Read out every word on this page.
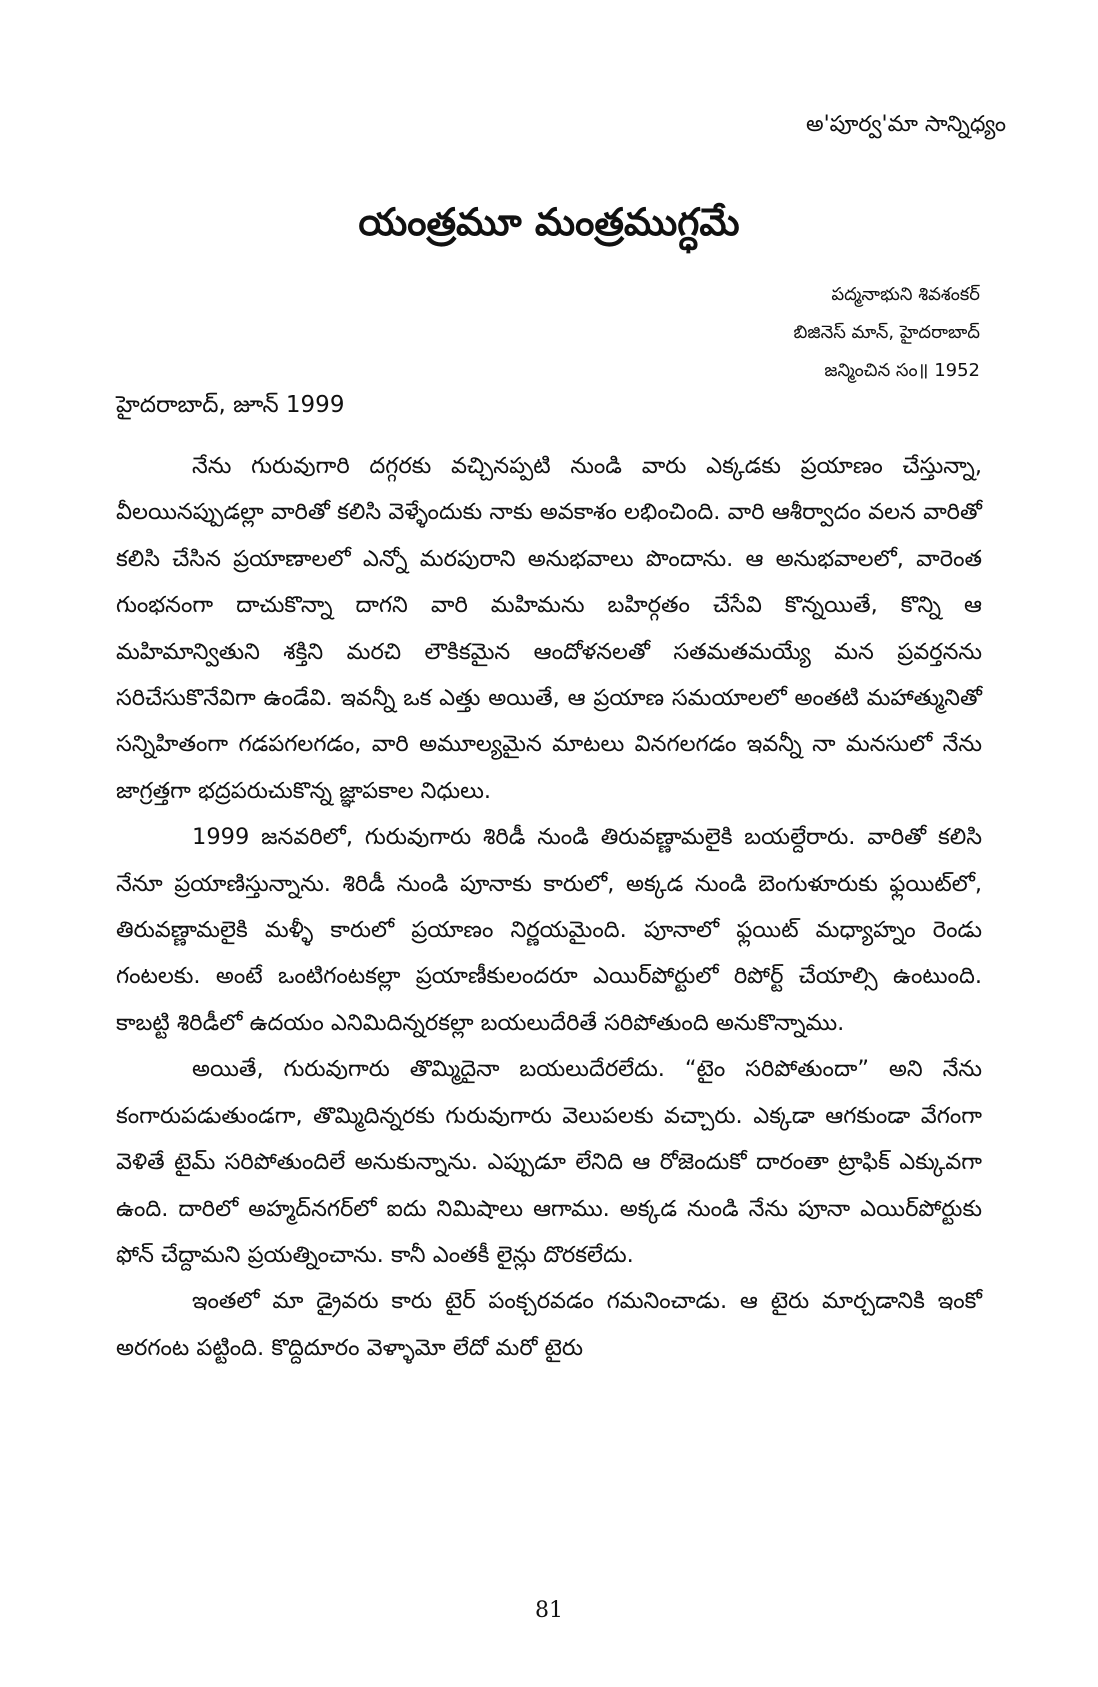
అ'పూర్వ'మా సాన్నిధ్యం
యంత్రమూ మంత్రముగ్ధమే
పద్మనాభుని శివశంకర్
బిజినెస్ మాన్, హైదరాబాద్
జన్మించిన సం॥ 1952
హైదరాబాద్, జూన్ 1999

నేను గురువుగారి దగ్గరకు వచ్చినప్పటి నుండి వారు ఎక్కడకు ప్రయాణం చేస్తున్నా, వీలయినప్పుడల్లా వారితో కలిసి వెళ్ళేందుకు నాకు అవకాశం లభించింది. వారి ఆశీర్వాదం వలన వారితో కలిసి చేసిన ప్రయాణాలలో ఎన్నో మరపురాని అనుభవాలు పొందాను. ఆ అనుభవాలలో, వారెంత గుంభనంగా దాచుకొన్నా దాగని వారి మహిమను బహిర్గతం చేసేవి కొన్నయితే, కొన్ని ఆ మహిమాన్వితుని శక్తిని మరచి లౌకికమైన ఆందోళనలతో సతమతమయ్యే మన ప్రవర్తనను సరిచేసుకొనేవిగా ఉండేవి. ఇవన్నీ ఒక ఎత్తు అయితే, ఆ ప్రయాణ సమయాలలో అంతటి మహాత్మునితో సన్నిహితంగా గడపగలగడం, వారి అమూల్యమైన మాటలు వినగలగడం ఇవన్నీ నా మనసులో నేను జాగ్రత్తగా భద్రపరుచుకొన్న జ్ఞాపకాల నిధులు.

1999 జనవరిలో, గురువుగారు శిరిడీ నుండి తిరువణ్ణామలైకి బయల్దేరారు. వారితో కలిసి నేనూ ప్రయాణిస్తున్నాను. శిరిడీ నుండి పూనాకు కారులో, అక్కడ నుండి బెంగుళూరుకు ఫ్లయిట్‌లో, తిరువణ్ణామలైకి మళ్ళీ కారులో ప్రయాణం నిర్ణయమైంది. పూనాలో ఫ్లయిట్ మధ్యాహ్నం రెండు గంటలకు. అంటే ఒంటిగంటకల్లా ప్రయాణీకులందరూ ఎయిర్‌పోర్టులో రిపోర్ట్ చేయాల్సి ఉంటుంది. కాబట్టి శిరిడీలో ఉదయం ఎనిమిదిన్నరకల్లా బయలుదేరితే సరిపోతుంది అనుకొన్నాము.

అయితే, గురువుగారు తొమ్మిదైనా బయలుదేరలేదు. “టైం సరిపోతుందా” అని నేను కంగారుపడుతుండగా, తొమ్మిదిన్నరకు గురువుగారు వెలుపలకు వచ్చారు. ఎక్కడా ఆగకుండా వేగంగా వెళితే టైమ్ సరిపోతుందిలే అనుకున్నాను. ఎప్పుడూ లేనిది ఆ రోజెందుకో దారంతా ట్రాఫిక్ ఎక్కువగా ఉంది. దారిలో అహ్మద్‌నగర్‌లో ఐదు నిమిషాలు ఆగాము. అక్కడ నుండి నేను పూనా ఎయిర్‌పోర్టుకు ఫోన్ చేద్దామని ప్రయత్నించాను. కానీ ఎంతకీ లైన్లు దొరకలేదు.

ఇంతలో మా డ్రైవరు కారు టైర్ పంక్చరవడం గమనించాడు. ఆ టైరు మార్చడానికి ఇంకో అరగంట పట్టింది. కొద్దిదూరం వెళ్ళామో లేదో మరో టైరు

81
